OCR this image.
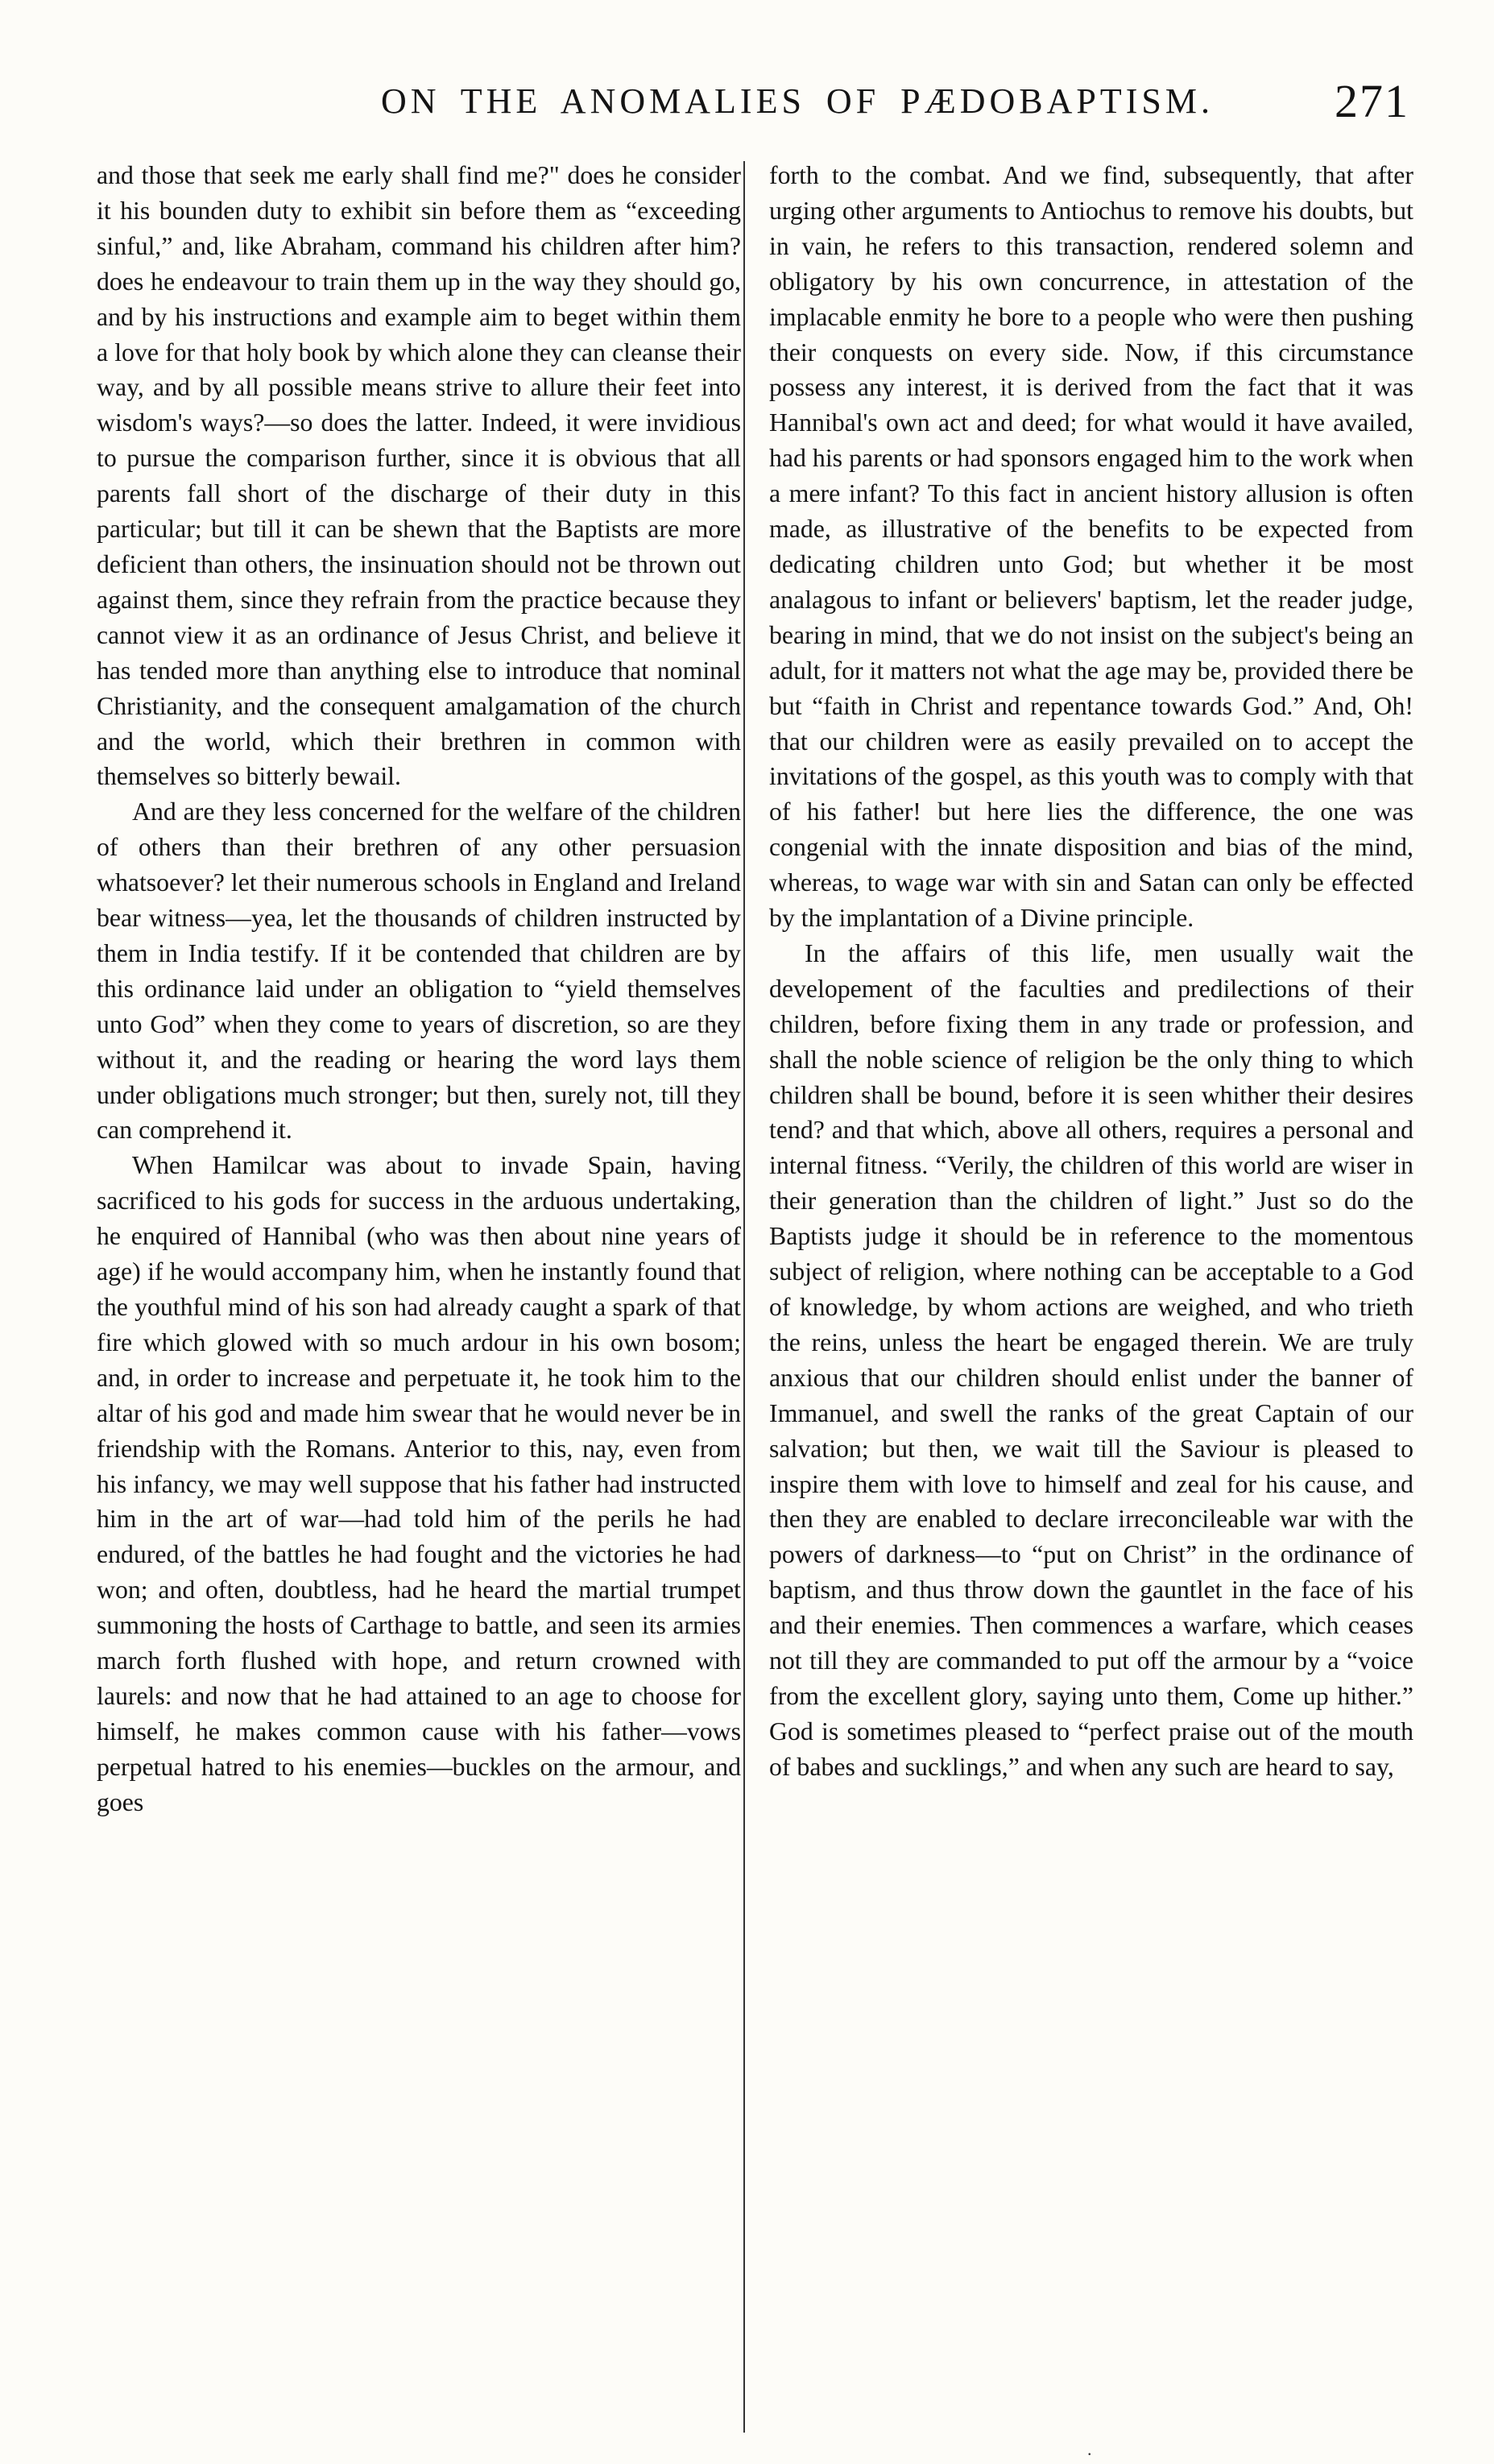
ON THE ANOMALIES OF PÆDOBAPTISM.	271

and those that seek me early shall find me?" does he consider it his bounden duty to exhibit sin before them as “exceeding sinful,” and, like Abraham, command his children after him? does he endeavour to train them up in the way they should go, and by his instructions and example aim to beget within them a love for that holy book by which alone they can cleanse their way, and by all possible means strive to allure their feet into wisdom's ways?—so does the latter. Indeed, it were invidious to pursue the comparison further, since it is obvious that all parents fall short of the discharge of their duty in this particular; but till it can be shewn that the Baptists are more deficient than others, the insinuation should not be thrown out against them, since they refrain from the practice because they cannot view it as an ordinance of Jesus Christ, and believe it has tended more than anything else to introduce that nominal Christianity, and the consequent amalgamation of the church and the world, which their brethren in common with themselves so bitterly bewail.

And are they less concerned for the welfare of the children of others than their brethren of any other persuasion whatsoever? let their numerous schools in England and Ireland bear witness—yea, let the thousands of children instructed by them in India testify. If it be contended that children are by this ordinance laid under an obligation to “yield themselves unto God” when they come to years of discretion, so are they without it, and the reading or hearing the word lays them under obligations much stronger; but then, surely not, till they can comprehend it.

When Hamilcar was about to invade Spain, having sacrificed to his gods for success in the arduous undertaking, he enquired of Hannibal (who was then about nine years of age) if he would accompany him, when he instantly found that the youthful mind of his son had already caught a spark of that fire which glowed with so much ardour in his own bosom; and, in order to increase and perpetuate it, he took him to the altar of his god and made him swear that he would never be in friendship with the Romans. Anterior to this, nay, even from his infancy, we may well suppose that his father had instructed him in the art of war—had told him of the perils he had endured, of the battles he had fought and the victories he had won; and often, doubtless, had he heard the martial trumpet summoning the hosts of Carthage to battle, and seen its armies march forth flushed with hope, and return crowned with laurels: and now that he had attained to an age to choose for himself, he makes common cause with his father—vows perpetual hatred to his enemies—buckles on the armour, and goes

forth to the combat. And we find, subsequently, that after urging other arguments to Antiochus to remove his doubts, but in vain, he refers to this transaction, rendered solemn and obligatory by his own concurrence, in attestation of the implacable enmity he bore to a people who were then pushing their conquests on every side. Now, if this circumstance possess any interest, it is derived from the fact that it was Hannibal's own act and deed; for what would it have availed, had his parents or had sponsors engaged him to the work when a mere infant? To this fact in ancient history allusion is often made, as illustrative of the benefits to be expected from dedicating children unto God; but whether it be most analagous to infant or believers' baptism, let the reader judge, bearing in mind, that we do not insist on the subject's being an adult, for it matters not what the age may be, provided there be but “faith in Christ and repentance towards God.” And, Oh! that our children were as easily prevailed on to accept the invitations of the gospel, as this youth was to comply with that of his father! but here lies the difference, the one was congenial with the innate disposition and bias of the mind, whereas, to wage war with sin and Satan can only be effected by the implantation of a Divine principle.

In the affairs of this life, men usually wait the developement of the faculties and predilections of their children, before fixing them in any trade or profession, and shall the noble science of religion be the only thing to which children shall be bound, before it is seen whither their desires tend? and that which, above all others, requires a personal and internal fitness. “Verily, the children of this world are wiser in their generation than the children of light.” Just so do the Baptists judge it should be in reference to the momentous subject of religion, where nothing can be acceptable to a God of knowledge, by whom actions are weighed, and who trieth the reins, unless the heart be engaged therein. We are truly anxious that our children should enlist under the banner of Immanuel, and swell the ranks of the great Captain of our salvation; but then, we wait till the Saviour is pleased to inspire them with love to himself and zeal for his cause, and then they are enabled to declare irreconcileable war with the powers of darkness—to “put on Christ” in the ordinance of baptism, and thus throw down the gauntlet in the face of his and their enemies. Then commences a warfare, which ceases not till they are commanded to put off the armour by a “voice from the excellent glory, saying unto them, Come up hither.” God is sometimes pleased to “perfect praise out of the mouth of babes and sucklings,” and when any such are heard to say,

.
